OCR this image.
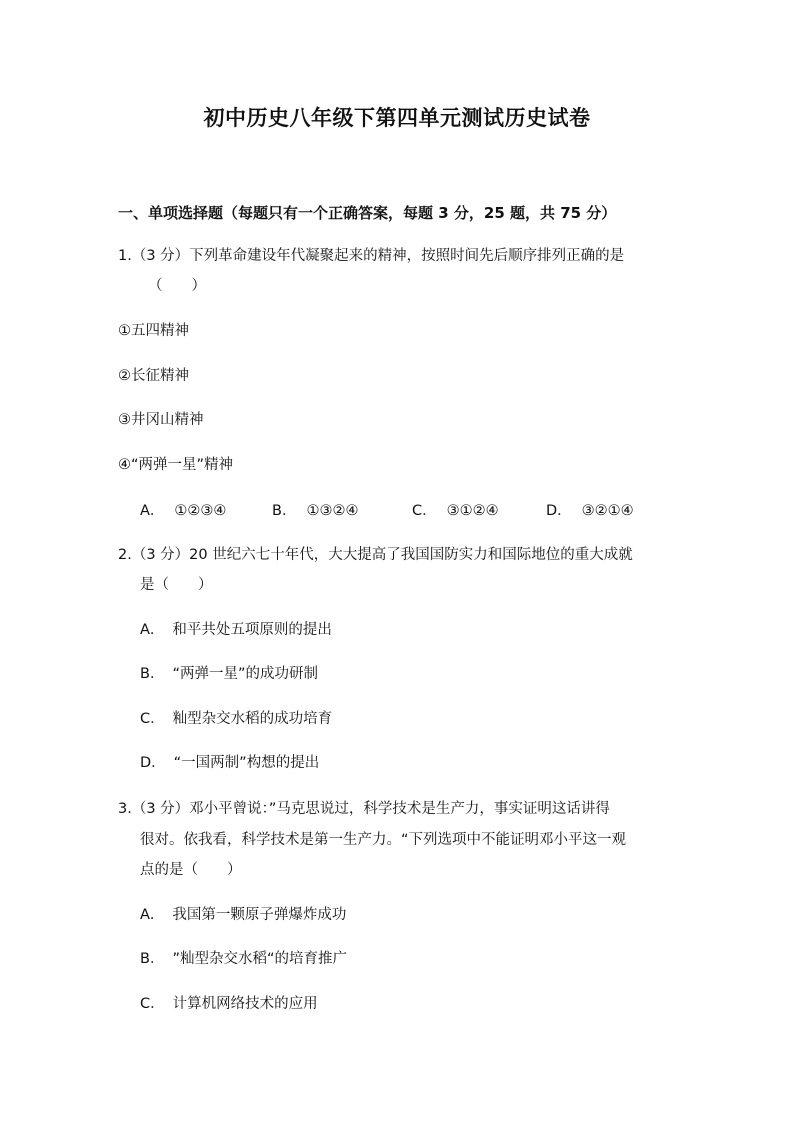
初中历史八年级下第四单元测试历史试卷
一、单项选择题（每题只有一个正确答案，每题 3 分，25 题，共 75 分）
1.（3 分）下列革命建设年代凝聚起来的精神，按照时间先后顺序排列正确的是
（　　）
①五四精神
②长征精神
③井冈山精神
④“两弹一星”精神
A． ①②③④	B． ①③②④	C． ③①②④	D． ③②①④
2.（3 分）20 世纪六七十年代，大大提高了我国国防实力和国际地位的重大成就
是（　　）
A． 和平共处五项原则的提出
B． “两弹一星”的成功研制
C． 籼型杂交水稻的成功培育
D． “一国两制”构想的提出
3.（3 分）邓小平曾说：”马克思说过，科学技术是生产力，事实证明这话讲得
很对。依我看，科学技术是第一生产力。“下列选项中不能证明邓小平这一观
点的是（　　）
A． 我国第一颗原子弹爆炸成功
B． ”籼型杂交水稻“的培育推广
C． 计算机网络技术的应用
